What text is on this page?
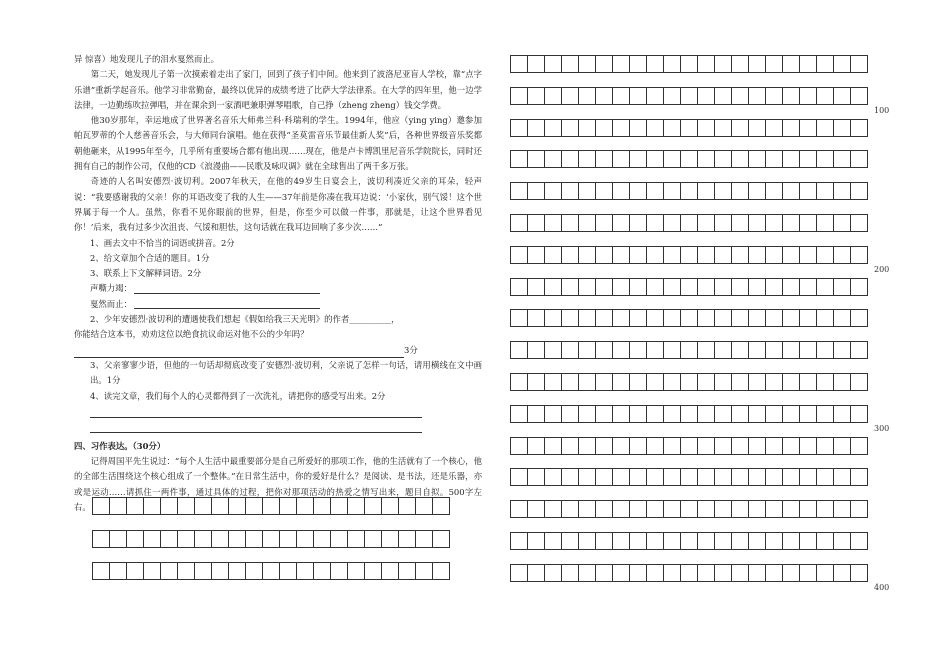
异 惊喜）地发现儿子的泪水戛然而止。

第二天，她发现儿子第一次摸索着走出了家门，回到了孩子们中间。他来到了波洛尼亚盲人学校，靠“点字乐谱”重新学起音乐。他学习非常勤奋，最终以优异的成绩考进了比萨大学法律系。在大学的四年里，他一边学法律，一边勤练吹拉弹唱，并在课余到一家酒吧兼职弹琴唱歌，自己挣（zheng zheng）钱交学费。

他30岁那年，幸运地成了世界著名音乐大师弗兰科·科瑞利的学生。1994年，他应（ying ying）邀参加帕瓦罗蒂的个人慈善音乐会，与大师同台演唱。他在获得“圣莫雷音乐节最佳新人奖”后，各种世界级音乐奖都朝他砸来，从1995年至今，几乎所有重要场合都有他出现……现在，他是卢卡博凯里尼音乐学院院长，同时还拥有自己的制作公司，仅他的CD《浪漫曲——民歌及咏叹调》就在全球售出了两千多万张。

奇迹的人名叫安德烈·波切利。2007年秋天，在他的49岁生日宴会上，波切利凑近父亲的耳朵，轻声说：“我要感谢我的父亲！你的耳语改变了我的人生——37年前是你凑在我耳边说：‘小家伙，别气馁！这个世界属于每一个人。虽然，你看不见你眼前的世界，但是，你至少可以做一件事，那就是，让这个世界看见你！’后来，我有过多少次沮丧、气馁和胆怯，这句话就在我耳边回响了多少次……”

1、画去文中不恰当的词语或拼音。2分

2、给文章加个合适的题目。1分

3、联系上下文解释词语。2分

声嘶力竭：
戛然而止：

2、少年安德烈·波切利的遭遇使我们想起《假如给我三天光明》的作者__________，

你能结合这本书，劝劝这位以绝食抗议命运对他不公的少年吗？

3分

3、父亲寥寥少语，但他的一句话却彻底改变了安德烈·波切利，父亲说了怎样一句话，请用横线在文中画出。1分

4、读完文章，我们每个人的心灵都得到了一次洗礼，请把你的感受写出来。2分

四、习作表达。（30分）

记得周国平先生说过：“每个人生活中最重要部分是自己所爱好的那项工作，他的生活就有了一个核心，他的全部生活围绕这个核心组成了一个整体。”在日常生活中，你的爱好是什么？是阅读、是书法，还是乐器，亦或是运动……请抓住一两件事，通过具体的过程，把你对那项活动的热爱之情写出来，题目自拟。500字左右。

100
200
300
400
